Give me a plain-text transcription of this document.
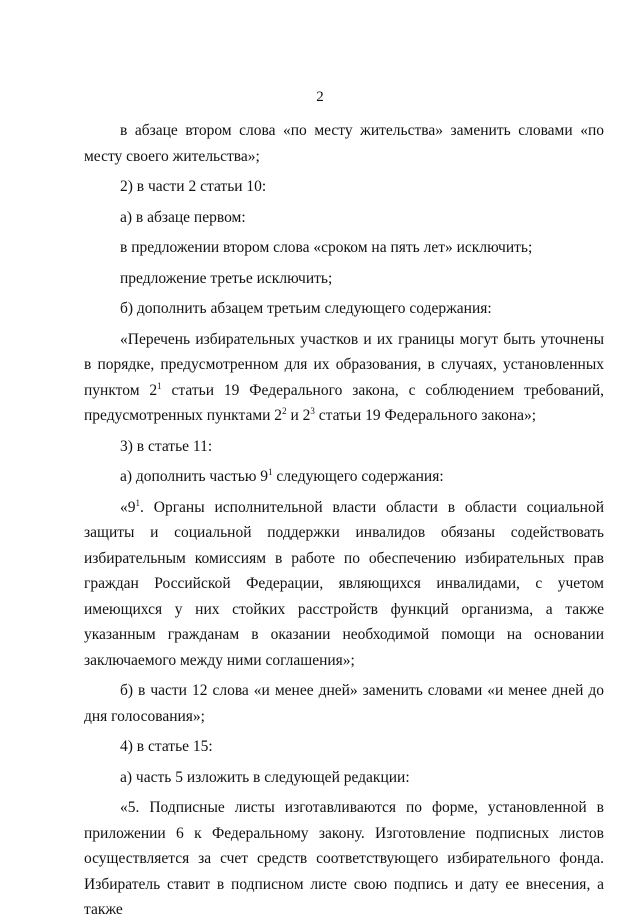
2

в абзаце втором слова «по месту жительства» заменить словами «по месту своего жительства»;

2) в части 2 статьи 10:

а) в абзаце первом:

в предложении втором слова «сроком на пять лет» исключить;

предложение третье исключить;

б) дополнить абзацем третьим следующего содержания:

«Перечень избирательных участков и их границы могут быть уточнены в порядке, предусмотренном для их образования, в случаях, установленных пунктом $2^1$ статьи 19 Федерального закона, с соблюдением требований, предусмотренных пунктами $2^2$ и $2^3$ статьи 19 Федерального закона»;

3) в статье 11:

а) дополнить частью $9^1$ следующего содержания:

«$9^1$. Органы исполнительной власти области в области социальной защиты и социальной поддержки инвалидов обязаны содействовать избирательным комиссиям в работе по обеспечению избирательных прав граждан Российской Федерации, являющихся инвалидами, с учетом имеющихся у них стойких расстройств функций организма, а также указанным гражданам в оказании необходимой помощи на основании заключаемого между ними соглашения»;

б) в части 12 слова «и менее дней» заменить словами «и менее дней до дня голосования»;

4) в статье 15:

а) часть 5 изложить в следующей редакции:

«5. Подписные листы изготавливаются по форме, установленной в приложении 6 к Федеральному закону. Изготовление подписных листов осуществляется за счет средств соответствующего избирательного фонда. Избиратель ставит в подписном листе свою подпись и дату ее внесения, а также
